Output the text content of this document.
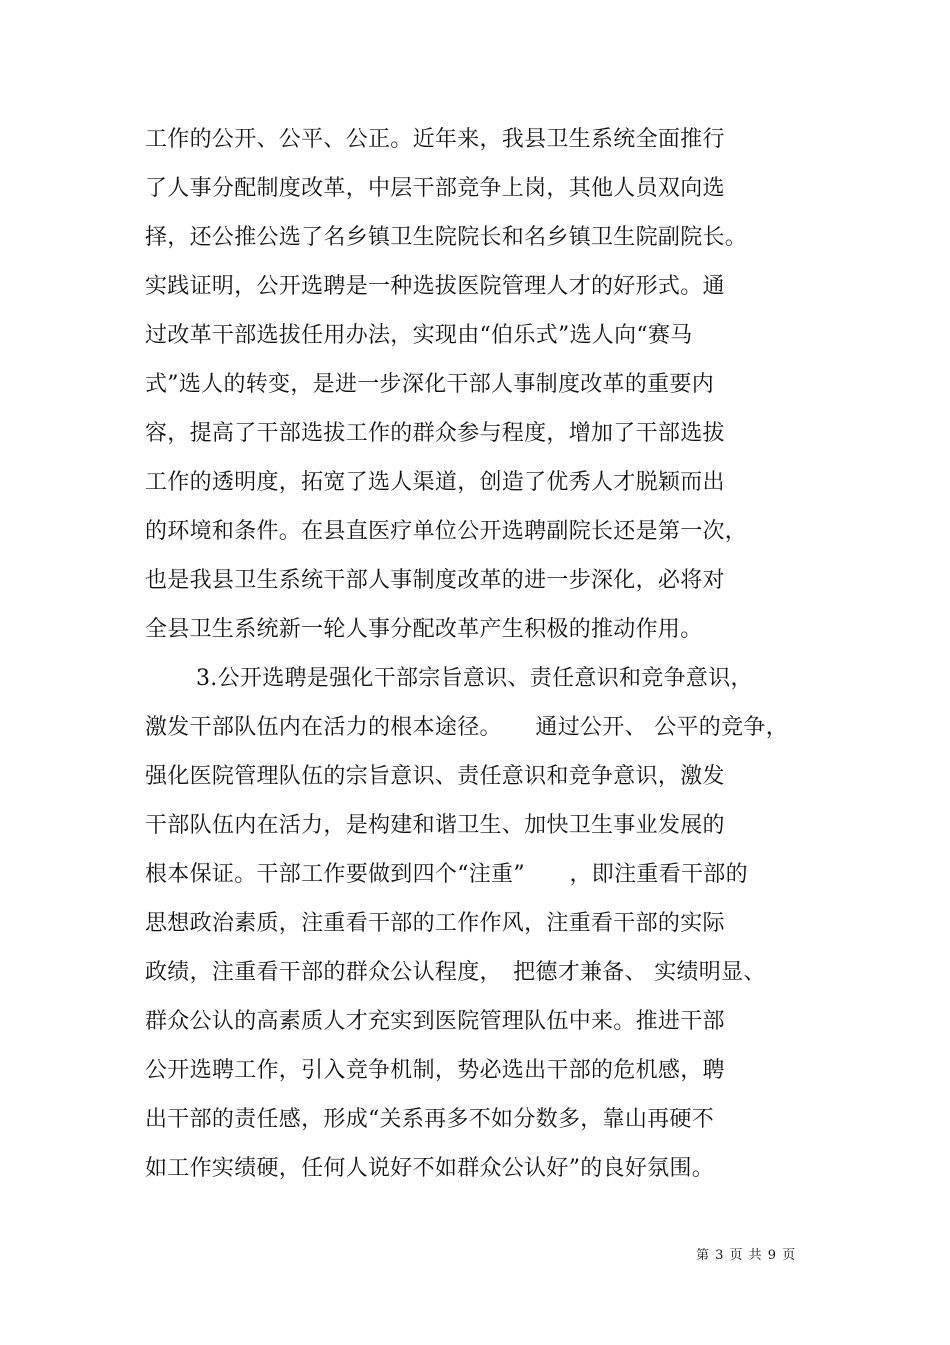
工作的公开、公平、公正。近年来，我县卫生系统全面推行
了人事分配制度改革，中层干部竞争上岗，其他人员双向选
择，还公推公选了名乡镇卫生院院长和名乡镇卫生院副院长。
实践证明，公开选聘是一种选拔医院管理人才的好形式。通
过改革干部选拔任用办法，实现由“伯乐式”选人向“赛马
式”选人的转变，是进一步深化干部人事制度改革的重要内
容，提高了干部选拔工作的群众参与程度，增加了干部选拔
工作的透明度，拓宽了选人渠道，创造了优秀人才脱颖而出
的环境和条件。在县直医疗单位公开选聘副院长还是第一次，
也是我县卫生系统干部人事制度改革的进一步深化，必将对
全县卫生系统新一轮人事分配改革产生积极的推动作用。
3.公开选聘是强化干部宗旨意识、责任意识和竞争意识，
激发干部队伍内在活力的根本途径。　　通过公开、 公平的竞争，
强化医院管理队伍的宗旨意识、责任意识和竞争意识，激发
干部队伍内在活力，是构建和谐卫生、加快卫生事业发展的
根本保证。干部工作要做到四个“注重”　　，即注重看干部的
思想政治素质，注重看干部的工作作风，注重看干部的实际
政绩，注重看干部的群众公认程度，　把德才兼备、 实绩明显、
群众公认的高素质人才充实到医院管理队伍中来。推进干部
公开选聘工作，引入竞争机制，势必选出干部的危机感，聘
出干部的责任感，形成“关系再多不如分数多，靠山再硬不
如工作实绩硬，任何人说好不如群众公认好”的良好氛围。
第 3 页 共 9 页
